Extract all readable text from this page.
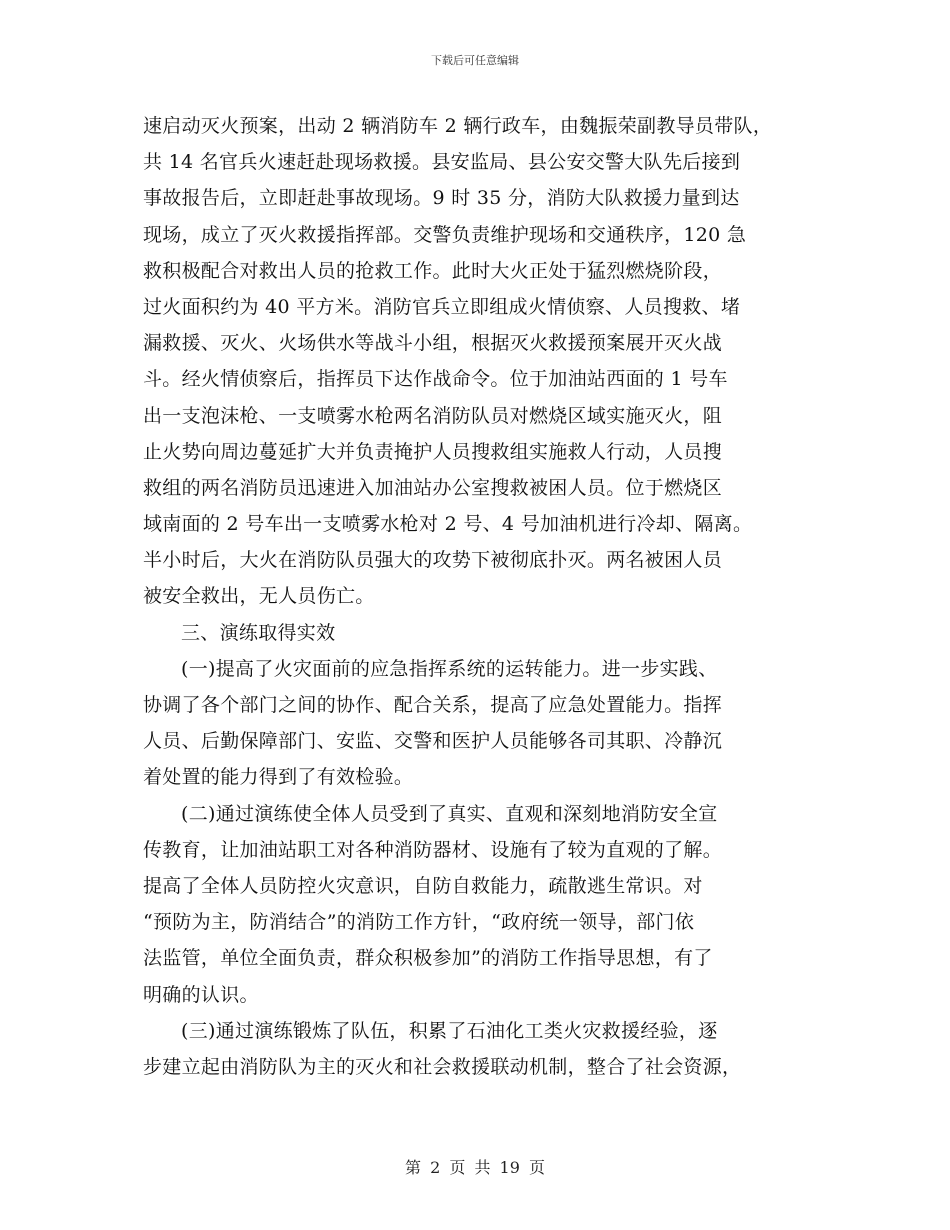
下载后可任意编辑
速启动灭火预案，出动 2 辆消防车 2 辆行政车，由魏振荣副教导员带队，
共 14 名官兵火速赶赴现场救援。县安监局、县公安交警大队先后接到
事故报告后，立即赶赴事故现场。9 时 35 分，消防大队救援力量到达
现场，成立了灭火救援指挥部。交警负责维护现场和交通秩序，120 急
救积极配合对救出人员的抢救工作。此时大火正处于猛烈燃烧阶段，
过火面积约为 40 平方米。消防官兵立即组成火情侦察、人员搜救、堵
漏救援、灭火、火场供水等战斗小组，根据灭火救援预案展开灭火战
斗。经火情侦察后，指挥员下达作战命令。位于加油站西面的 1 号车
出一支泡沫枪、一支喷雾水枪两名消防队员对燃烧区域实施灭火，阻
止火势向周边蔓延扩大并负责掩护人员搜救组实施救人行动，人员搜
救组的两名消防员迅速进入加油站办公室搜救被困人员。位于燃烧区
域南面的 2 号车出一支喷雾水枪对 2 号、4 号加油机进行冷却、隔离。
半小时后，大火在消防队员强大的攻势下被彻底扑灭。两名被困人员
被安全救出，无人员伤亡。
三、演练取得实效
(一)提高了火灾面前的应急指挥系统的运转能力。进一步实践、
协调了各个部门之间的协作、配合关系，提高了应急处置能力。指挥
人员、后勤保障部门、安监、交警和医护人员能够各司其职、冷静沉
着处置的能力得到了有效检验。
(二)通过演练使全体人员受到了真实、直观和深刻地消防安全宣
传教育，让加油站职工对各种消防器材、设施有了较为直观的了解。
提高了全体人员防控火灾意识，自防自救能力，疏散逃生常识。对
“预防为主，防消结合”的消防工作方针，“政府统一领导，部门依
法监管，单位全面负责，群众积极参加”的消防工作指导思想，有了
明确的认识。
(三)通过演练锻炼了队伍，积累了石油化工类火灾救援经验，逐
步建立起由消防队为主的灭火和社会救援联动机制，整合了社会资源，
第 2 页 共 19 页
